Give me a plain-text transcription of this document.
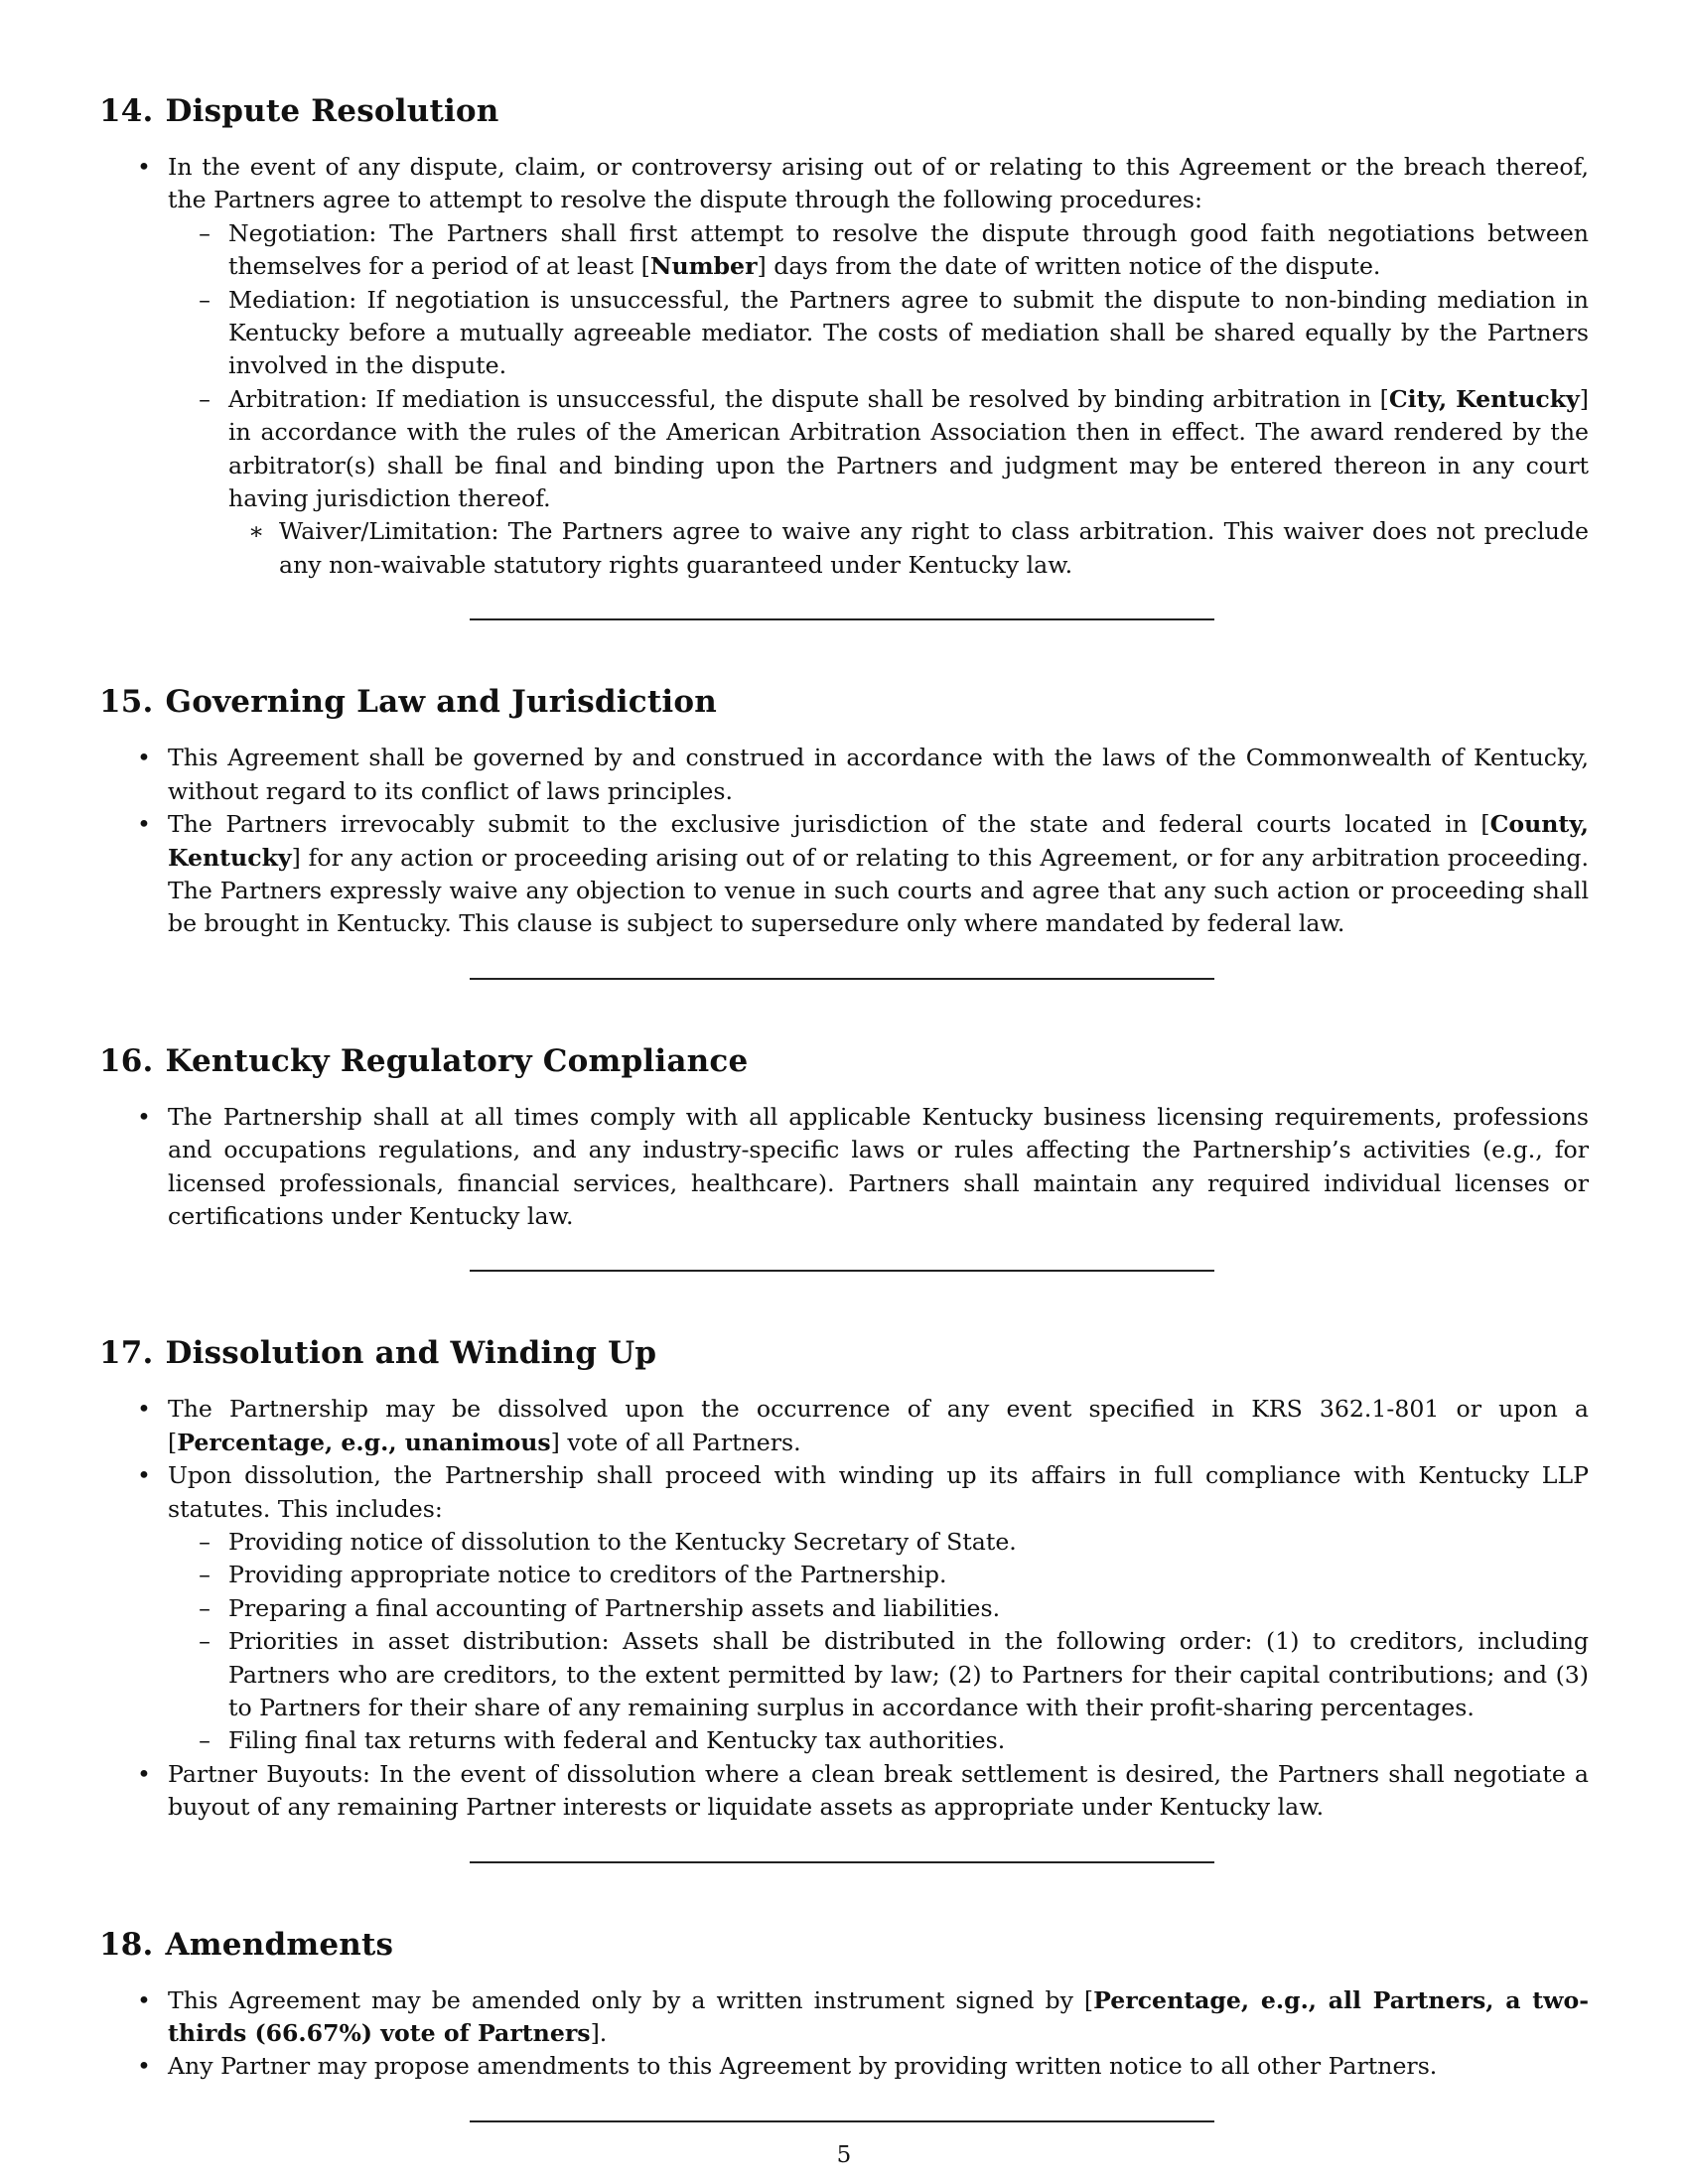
14. Dispute Resolution
• In the event of any dispute, claim, or controversy arising out of or relating to this Agreement or the breach thereof, the Partners agree to attempt to resolve the dispute through the following procedures:
– Negotiation: The Partners shall first attempt to resolve the dispute through good faith negotiations between themselves for a period of at least [Number] days from the date of written notice of the dispute.
– Mediation: If negotiation is unsuccessful, the Partners agree to submit the dispute to non-binding mediation in Kentucky before a mutually agreeable mediator. The costs of mediation shall be shared equally by the Partners involved in the dispute.
– Arbitration: If mediation is unsuccessful, the dispute shall be resolved by binding arbitration in [City, Kentucky] in accordance with the rules of the American Arbitration Association then in effect. The award rendered by the arbitrator(s) shall be final and binding upon the Partners and judgment may be entered thereon in any court having jurisdiction thereof.
∗ Waiver/Limitation: The Partners agree to waive any right to class arbitration. This waiver does not preclude any non-waivable statutory rights guaranteed under Kentucky law.
15. Governing Law and Jurisdiction
• This Agreement shall be governed by and construed in accordance with the laws of the Commonwealth of Kentucky, without regard to its conflict of laws principles.
• The Partners irrevocably submit to the exclusive jurisdiction of the state and federal courts located in [County, Kentucky] for any action or proceeding arising out of or relating to this Agreement, or for any arbitration proceeding. The Partners expressly waive any objection to venue in such courts and agree that any such action or proceeding shall be brought in Kentucky. This clause is subject to supersedure only where mandated by federal law.
16. Kentucky Regulatory Compliance
• The Partnership shall at all times comply with all applicable Kentucky business licensing requirements, professions and occupations regulations, and any industry-specific laws or rules affecting the Partnership’s activities (e.g., for licensed professionals, financial services, healthcare). Partners shall maintain any required individual licenses or certifications under Kentucky law.
17. Dissolution and Winding Up
• The Partnership may be dissolved upon the occurrence of any event specified in KRS 362.1-801 or upon a [Percentage, e.g., unanimous] vote of all Partners.
• Upon dissolution, the Partnership shall proceed with winding up its affairs in full compliance with Kentucky LLP statutes. This includes:
– Providing notice of dissolution to the Kentucky Secretary of State.
– Providing appropriate notice to creditors of the Partnership.
– Preparing a final accounting of Partnership assets and liabilities.
– Priorities in asset distribution: Assets shall be distributed in the following order: (1) to creditors, including Partners who are creditors, to the extent permitted by law; (2) to Partners for their capital contributions; and (3) to Partners for their share of any remaining surplus in accordance with their profit-sharing percentages.
– Filing final tax returns with federal and Kentucky tax authorities.
• Partner Buyouts: In the event of dissolution where a clean break settlement is desired, the Partners shall negotiate a buyout of any remaining Partner interests or liquidate assets as appropriate under Kentucky law.
18. Amendments
• This Agreement may be amended only by a written instrument signed by [Percentage, e.g., all Partners, a two-thirds (66.67%) vote of Partners].
• Any Partner may propose amendments to this Agreement by providing written notice to all other Partners.
5
